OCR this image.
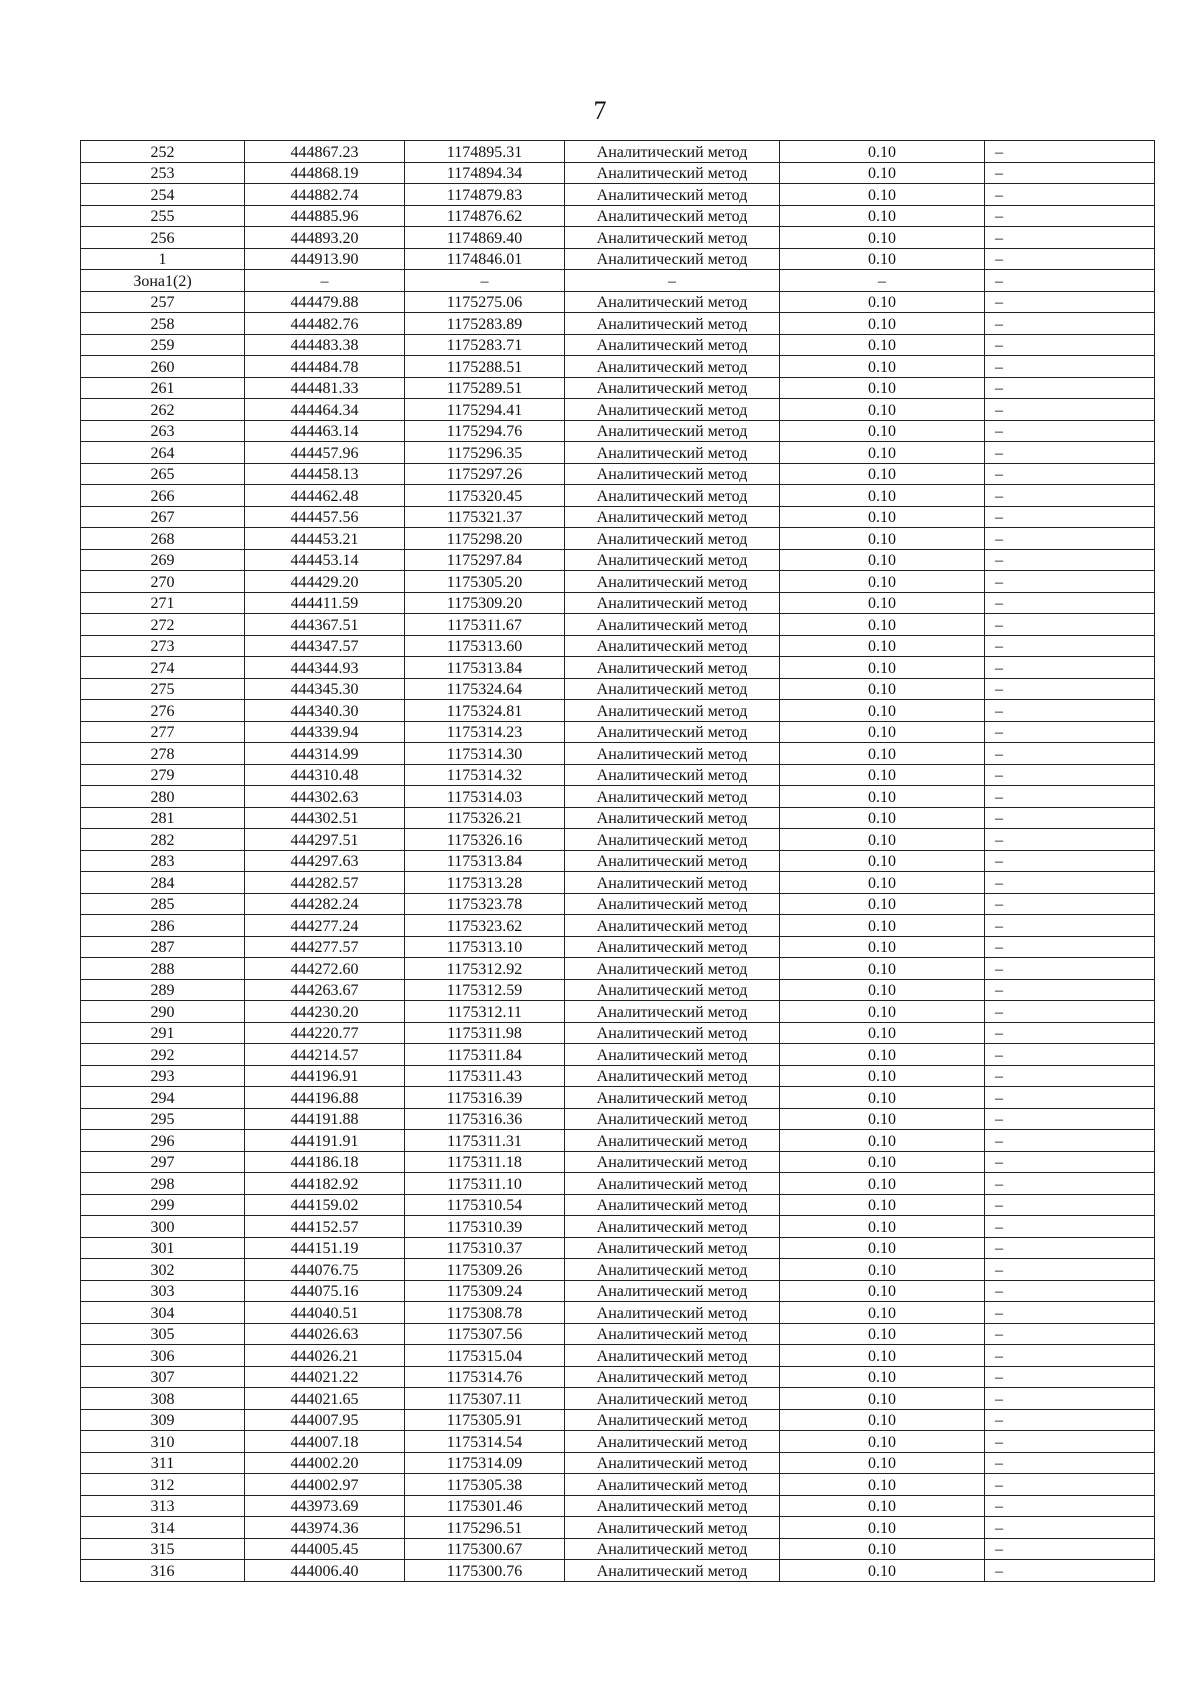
7
252	444867.23	1174895.31	Аналитический метод	0.10	–
253	444868.19	1174894.34	Аналитический метод	0.10	–
254	444882.74	1174879.83	Аналитический метод	0.10	–
255	444885.96	1174876.62	Аналитический метод	0.10	–
256	444893.20	1174869.40	Аналитический метод	0.10	–
1	444913.90	1174846.01	Аналитический метод	0.10	–
Зона1(2)	–	–	–	–	–
257	444479.88	1175275.06	Аналитический метод	0.10	–
258	444482.76	1175283.89	Аналитический метод	0.10	–
259	444483.38	1175283.71	Аналитический метод	0.10	–
260	444484.78	1175288.51	Аналитический метод	0.10	–
261	444481.33	1175289.51	Аналитический метод	0.10	–
262	444464.34	1175294.41	Аналитический метод	0.10	–
263	444463.14	1175294.76	Аналитический метод	0.10	–
264	444457.96	1175296.35	Аналитический метод	0.10	–
265	444458.13	1175297.26	Аналитический метод	0.10	–
266	444462.48	1175320.45	Аналитический метод	0.10	–
267	444457.56	1175321.37	Аналитический метод	0.10	–
268	444453.21	1175298.20	Аналитический метод	0.10	–
269	444453.14	1175297.84	Аналитический метод	0.10	–
270	444429.20	1175305.20	Аналитический метод	0.10	–
271	444411.59	1175309.20	Аналитический метод	0.10	–
272	444367.51	1175311.67	Аналитический метод	0.10	–
273	444347.57	1175313.60	Аналитический метод	0.10	–
274	444344.93	1175313.84	Аналитический метод	0.10	–
275	444345.30	1175324.64	Аналитический метод	0.10	–
276	444340.30	1175324.81	Аналитический метод	0.10	–
277	444339.94	1175314.23	Аналитический метод	0.10	–
278	444314.99	1175314.30	Аналитический метод	0.10	–
279	444310.48	1175314.32	Аналитический метод	0.10	–
280	444302.63	1175314.03	Аналитический метод	0.10	–
281	444302.51	1175326.21	Аналитический метод	0.10	–
282	444297.51	1175326.16	Аналитический метод	0.10	–
283	444297.63	1175313.84	Аналитический метод	0.10	–
284	444282.57	1175313.28	Аналитический метод	0.10	–
285	444282.24	1175323.78	Аналитический метод	0.10	–
286	444277.24	1175323.62	Аналитический метод	0.10	–
287	444277.57	1175313.10	Аналитический метод	0.10	–
288	444272.60	1175312.92	Аналитический метод	0.10	–
289	444263.67	1175312.59	Аналитический метод	0.10	–
290	444230.20	1175312.11	Аналитический метод	0.10	–
291	444220.77	1175311.98	Аналитический метод	0.10	–
292	444214.57	1175311.84	Аналитический метод	0.10	–
293	444196.91	1175311.43	Аналитический метод	0.10	–
294	444196.88	1175316.39	Аналитический метод	0.10	–
295	444191.88	1175316.36	Аналитический метод	0.10	–
296	444191.91	1175311.31	Аналитический метод	0.10	–
297	444186.18	1175311.18	Аналитический метод	0.10	–
298	444182.92	1175311.10	Аналитический метод	0.10	–
299	444159.02	1175310.54	Аналитический метод	0.10	–
300	444152.57	1175310.39	Аналитический метод	0.10	–
301	444151.19	1175310.37	Аналитический метод	0.10	–
302	444076.75	1175309.26	Аналитический метод	0.10	–
303	444075.16	1175309.24	Аналитический метод	0.10	–
304	444040.51	1175308.78	Аналитический метод	0.10	–
305	444026.63	1175307.56	Аналитический метод	0.10	–
306	444026.21	1175315.04	Аналитический метод	0.10	–
307	444021.22	1175314.76	Аналитический метод	0.10	–
308	444021.65	1175307.11	Аналитический метод	0.10	–
309	444007.95	1175305.91	Аналитический метод	0.10	–
310	444007.18	1175314.54	Аналитический метод	0.10	–
311	444002.20	1175314.09	Аналитический метод	0.10	–
312	444002.97	1175305.38	Аналитический метод	0.10	–
313	443973.69	1175301.46	Аналитический метод	0.10	–
314	443974.36	1175296.51	Аналитический метод	0.10	–
315	444005.45	1175300.67	Аналитический метод	0.10	–
316	444006.40	1175300.76	Аналитический метод	0.10	–
